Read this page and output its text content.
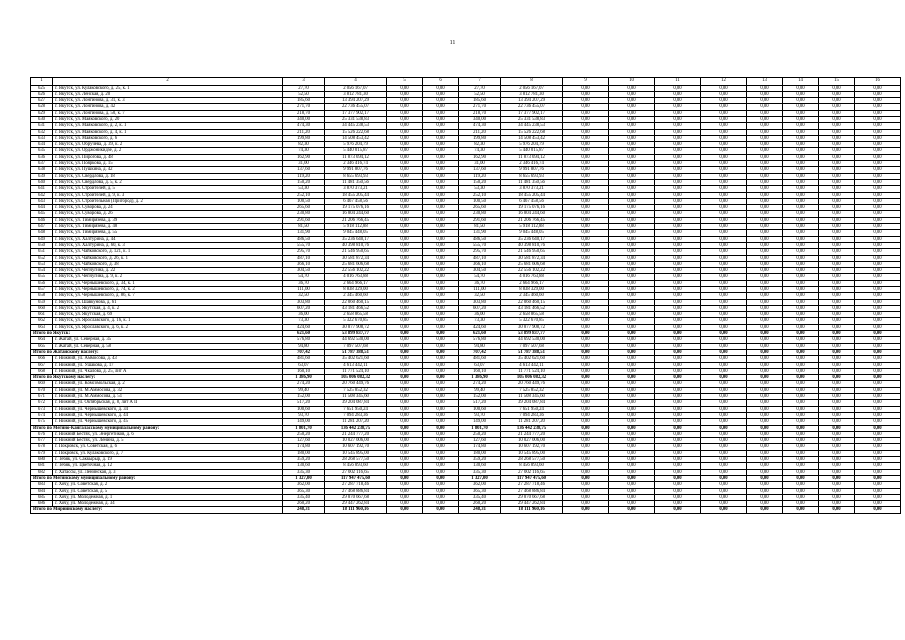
11
1	2	3	4	5	6	7	8	9	10	11	12	13	14	15	16
625	г. Якутск, ул. Кулаковского, д. 25, к. 1	27,70	2 056 167,07	0,00	0,00	27,70	2 056 167,07	0,00	0,00	0,00	0,00	0,00	0,00	0,00	0,00
626	г. Якутск, ул. Ленская, д. 20	52,50	3 812 781,30	0,00	0,00	52,50	3 812 781,30	0,00	0,00	0,00	0,00	0,00	0,00	0,00	0,00
627	г. Якутск, ул. Лонгинова, д. 31, к. 3	185,60	13 394 207,29	0,00	0,00	185,60	13 394 207,29	0,00	0,00	0,00	0,00	0,00	0,00	0,00	0,00
628	г. Якутск, ул. Лонгинова, д. 42	271,70	22 736 455,07	0,00	0,00	271,70	22 736 455,07	0,00	0,00	0,00	0,00	0,00	0,00	0,00	0,00
629	г. Якутск, ул. Лонгинова, д. 50, к. 7	218,70	17 377 902,17	0,00	0,00	218,70	17 377 902,17	0,00	0,00	0,00	0,00	0,00	0,00	0,00	0,00
630	г. Якутск, ул. Маяковского, д. 20	340,00	25 331 538,83	0,00	0,00	340,00	25 331 538,83	0,00	0,00	0,00	0,00	0,00	0,00	0,00	0,00
631	г. Якутск, ул. Маяковского, д. 2, к. 1	474,30	34 445 238,53	0,00	0,00	474,30	34 445 238,53	0,00	0,00	0,00	0,00	0,00	0,00	0,00	0,00
632	г. Якутск, ул. Маяковского, д. 4, к. 1	211,20	15 526 222,68	0,00	0,00	211,20	15 526 222,68	0,00	0,00	0,00	0,00	0,00	0,00	0,00	0,00
633	г. Якутск, ул. Маяковского, д. 6	199,80	14 508 453,42	0,00	0,00	199,80	14 508 453,42	0,00	0,00	0,00	0,00	0,00	0,00	0,00	0,00
634	г. Якутск, ул. Обручева, д. 39, к. 2	82,30	5 976 204,79	0,00	0,00	82,30	5 976 204,79	0,00	0,00	0,00	0,00	0,00	0,00	0,00	0,00
635	г. Якутск, ул. Орджоникидзе, д. 2	74,30	5 440 015,87	0,00	0,00	74,30	5 440 015,87	0,00	0,00	0,00	0,00	0,00	0,00	0,00	0,00
636	г. Якутск, ул. Пирогова, д. 48	162,90	11 873 694,12	0,00	0,00	162,90	11 873 694,12	0,00	0,00	0,00	0,00	0,00	0,00	0,00	0,00
637	г. Якутск, ул. Пояркова, д. 15	31,00	2 346 416,74	0,00	0,00	31,00	2 346 416,74	0,00	0,00	0,00	0,00	0,00	0,00	0,00	0,00
638	г. Якутск, ул. Пушкина, д. 42	137,60	9 991 807,76	0,00	0,00	137,60	9 991 807,76	0,00	0,00	0,00	0,00	0,00	0,00	0,00	0,00
639	г. Якутск, ул. Свердлова, д. 18	119,20	8 655 693,93	0,00	0,00	119,20	8 655 693,93	0,00	0,00	0,00	0,00	0,00	0,00	0,00	0,00
640	г. Якутск, ул. Свердлова, д. 5, к. 2	150,20	11 481 350,56	0,00	0,00	150,20	11 481 350,56	0,00	0,00	0,00	0,00	0,00	0,00	0,00	0,00
641	г. Якутск, ул. Строителей, д. 5	53,30	3 870 373,21	0,00	0,00	53,30	3 870 373,21	0,00	0,00	0,00	0,00	0,00	0,00	0,00	0,00
642	г. Якутск, ул. Строителей, д. 9, к. 3	252,10	18 455 205,44	0,00	0,00	252,10	18 455 205,44	0,00	0,00	0,00	0,00	0,00	0,00	0,00	0,00
643	г. Якутск, ул. Строительная (Пригород), д. 2	100,50	6 467 458,56	0,00	0,00	100,50	6 467 458,56	0,00	0,00	0,00	0,00	0,00	0,00	0,00	0,00
644	г. Якутск, ул. Суворова, д. 24	265,60	19 175 076,16	0,00	0,00	265,60	19 175 076,16	0,00	0,00	0,00	0,00	0,00	0,00	0,00	0,00
645	г. Якутск, ул. Суворова, д. 26	230,80	16 804 244,60	0,00	0,00	230,80	16 804 244,60	0,00	0,00	0,00	0,00	0,00	0,00	0,00	0,00
646	г. Якутск, ул. Тимирязева, д. 39	291,60	21 206 766,45	0,00	0,00	291,60	21 206 766,45	0,00	0,00	0,00	0,00	0,00	0,00	0,00	0,00
647	г. Якутск, ул. Тимирязева, д. 48	81,50	5 918 112,88	0,00	0,00	81,50	5 918 112,88	0,00	0,00	0,00	0,00	0,00	0,00	0,00	0,00
648	г. Якутск, ул. Тимирязева, д. 55	131,90	9 045 448,05	0,00	0,00	131,90	9 045 448,05	0,00	0,00	0,00	0,00	0,00	0,00	0,00	0,00
649	г. Якутск, ул. Халтурина, д. 44	486,50	35 236 640,17	0,00	0,00	486,50	35 236 640,17	0,00	0,00	0,00	0,00	0,00	0,00	0,00	0,00
650	г. Якутск, ул. Халтурина, д. 60, к. 3	555,70	40 398 810,76	0,00	0,00	555,70	40 398 810,76	0,00	0,00	0,00	0,00	0,00	0,00	0,00	0,00
651	г. Якутск, ул. Чайковского, д. 121, к. 1	295,70	21 546 950,65	0,00	0,00	295,70	21 546 950,65	0,00	0,00	0,00	0,00	0,00	0,00	0,00	0,00
652	г. Якутск, ул. Чайковского, д. 26, к. 1	487,10	30 581 872,34	0,00	0,00	487,10	30 581 872,34	0,00	0,00	0,00	0,00	0,00	0,00	0,00	0,00
653	г. Якутск, ул. Чайковского, д. 38	366,10	25 681 606,68	0,00	0,00	366,10	25 681 606,68	0,00	0,00	0,00	0,00	0,00	0,00	0,00	0,00
654	г. Якутск, ул. Чепчугина, д. 22	304,50	22 556 102,22	0,00	0,00	304,50	22 556 102,22	0,00	0,00	0,00	0,00	0,00	0,00	0,00	0,00
655	г. Якутск, ул. Чепчугина, д. 9, к. 2	54,70	4 016 763,88	0,00	0,00	54,70	4 016 763,88	0,00	0,00	0,00	0,00	0,00	0,00	0,00	0,00
656	г. Якутск, ул. Чернышевского, д. 34, к. 1	36,70	2 664 966,17	0,00	0,00	36,70	2 664 966,17	0,00	0,00	0,00	0,00	0,00	0,00	0,00	0,00
657	г. Якутск, ул. Чернышевского, д. 74, к. 2	111,00	8 838 329,00	0,00	0,00	111,00	8 838 329,00	0,00	0,00	0,00	0,00	0,00	0,00	0,00	0,00
658	г. Якутск, ул. Чернышевского, д. 86, к. 7	32,50	2 345 460,60	0,00	0,00	32,50	2 345 460,60	0,00	0,00	0,00	0,00	0,00	0,00	0,00	0,00
659	г. Якутск, ул. Шавкунова, д. 61	303,80	22 060 460,15	0,00	0,00	303,80	22 060 460,15	0,00	0,00	0,00	0,00	0,00	0,00	0,00	0,00
660	г. Якутск, ул. Якутская, д. 4, к. 2	607,20	43 181 466,52	0,00	0,00	607,20	43 181 466,52	0,00	0,00	0,00	0,00	0,00	0,00	0,00	0,00
661	г. Якутск, ул. Якутская, д. 69	36,00	2 658 865,58	0,00	0,00	36,00	2 658 865,58	0,00	0,00	0,00	0,00	0,00	0,00	0,00	0,00
662	г. Якутск, ул. Ярославского, д. 16, к. 1	73,30	5 322 670,85	0,00	0,00	73,30	5 322 670,85	0,00	0,00	0,00	0,00	0,00	0,00	0,00	0,00
663	г. Якутск, ул. Ярославского, д. 6, к. 2	424,60	30 877 908,72	0,00	0,00	424,60	30 877 908,72	0,00	0,00	0,00	0,00	0,00	0,00	0,00	0,00
Итого по Якутск:		621,60	53 899 837,77	0,00	0,00	621,60	53 899 837,77	0,00	0,00	0,00	0,00	0,00	0,00	0,00	0,00
664	г. Жатай, ул. Северная, д. 35	576,80	44 692 530,00	0,00	0,00	576,80	44 692 530,00	0,00	0,00	0,00	0,00	0,00	0,00	0,00	0,00
665	г. Жатай, ул. Северная, д. 58	94,80	7 097 507,68	0,00	0,00	94,80	7 097 507,68	0,00	0,00	0,00	0,00	0,00	0,00	0,00	0,00
Итого по Жатайскому наслегу:		707,42	51 787 388,51	0,00	0,00	707,42	51 787 388,51	0,00	0,00	0,00	0,00	0,00	0,00	0,00	0,00
666	г. Нижний, ул. Аммосова, д. 43	481,60	35 402 621,60	0,00	0,00	481,60	35 402 621,60	0,00	0,00	0,00	0,00	0,00	0,00	0,00	0,00
667	г. Нижний, ул. Ушакова, д. 17	63,07	4 613 442,11	0,00	0,00	63,07	4 613 442,11	0,00	0,00	0,00	0,00	0,00	0,00	0,00	0,00
668	г. Нижний, ул. Чкалова, д. 25, лит А	160,10	11 771 524,10	0,00	0,00	160,10	11 771 524,10	0,00	0,00	0,00	0,00	0,00	0,00	0,00	0,00
Итого по Якутскому наслегу:		1 386,90	105 006 082,32	0,00	0,00	1 386,90	105 006 082,32	0,00	0,00	0,00	0,00	0,00	0,00	0,00	0,00
669	г. Нижний, ул. Комсомольская, д. 2	274,20	20 760 449,76	0,00	0,00	274,20	20 760 449,76	0,00	0,00	0,00	0,00	0,00	0,00	0,00	0,00
670	г. Нижний, ул. М.Аммосова, д. 32	99,40	7 525 852,32	0,00	0,00	99,40	7 525 852,32	0,00	0,00	0,00	0,00	0,00	0,00	0,00	0,00
671	г. Нижний, ул. М.Аммосова, д. 51	152,00	11 508 345,60	0,00	0,00	152,00	11 508 345,60	0,00	0,00	0,00	0,00	0,00	0,00	0,00	0,00
672	г. Нижний, ул. Октябрьская, д. 8, лит А II	517,20	39 204 087,84	0,00	0,00	517,20	39 204 087,84	0,00	0,00	0,00	0,00	0,00	0,00	0,00	0,00
673	г. Нижний, ул. Чернышевского, д. 34	100,60	7 651 950,24	0,00	0,00	100,60	7 651 950,24	0,00	0,00	0,00	0,00	0,00	0,00	0,00	0,00
674	г. Нижний, ул. Чернышевского, д. 44	93,70	7 094 283,36	0,00	0,00	93,70	7 094 283,36	0,00	0,00	0,00	0,00	0,00	0,00	0,00	0,00
675	г. Нижний, ул. Чернышевского, д. 45	149,00	11 281 207,20	0,00	0,00	149,00	11 281 207,20	0,00	0,00	0,00	0,00	0,00	0,00	0,00	0,00
Итого по Мегино-Кангаласскому муниципальному району:		1 801,70	136 442 238,75	0,00	0,00	1 801,70	136 442 238,75	0,00	0,00	0,00	0,00	0,00	0,00	0,00	0,00
676	г. Нижний Бестях, ул. Энергетиков, д. 6	250,20	21 244 777,20	0,00	0,00	250,20	21 244 777,20	0,00	0,00	0,00	0,00	0,00	0,00	0,00	0,00
677	г. Нижний Бестях, ул. Ленина, д. 5	127,60	10 027 006,00	0,00	0,00	127,60	10 027 006,00	0,00	0,00	0,00	0,00	0,00	0,00	0,00	0,00
678	г. Покровск, ул. Советская, д. 6	174,80	10 607 192,70	0,00	0,00	174,80	10 607 192,70	0,00	0,00	0,00	0,00	0,00	0,00	0,00	0,00
679	г. Покровск, ул. Кулаковского, д. 7	180,00	10 545 895,00	0,00	0,00	180,00	10 545 895,00	0,00	0,00	0,00	0,00	0,00	0,00	0,00	0,00
680	г. Тебяк, ул. Саккырыр, д. 19	359,20	28 268 577,50	0,00	0,00	359,20	28 268 577,50	0,00	0,00	0,00	0,00	0,00	0,00	0,00	0,00
681	г. Тебяк, ул. Цветочная, д. 12	130,60	8 456 893,60	0,00	0,00	130,60	8 456 893,60	0,00	0,00	0,00	0,00	0,00	0,00	0,00	0,00
682	г. Хатассы, ул. Ленинская, д. 3	335,30	27 002 116,65	0,00	0,00	335,30	27 002 116,65	0,00	0,00	0,00	0,00	0,00	0,00	0,00	0,00
Итого по Мегинскому муниципальному району:		1 327,00	117 947 475,60	0,00	0,00	1 327,00	117 947 475,60	0,00	0,00	0,00	0,00	0,00	0,00	0,00	0,00
683	г. Хочу, ул. Советская, д. 2	362,00	27 287 718,46	0,00	0,00	362,00	27 287 718,46	0,00	0,00	0,00	0,00	0,00	0,00	0,00	0,00
684	г. Хочу, ул. Советская, д. 5	365,30	27 468 886,84	0,00	0,00	365,30	27 468 886,84	0,00	0,00	0,00	0,00	0,00	0,00	0,00	0,00
685	г. Хочу, ул. Молодежная, д. 1	335,40	29 870 667,68	0,00	0,00	335,40	29 870 667,68	0,00	0,00	0,00	0,00	0,00	0,00	0,00	0,00
686	г. Хочу, ул. Молодежная, д. 34	260,20	29 447 262,84	0,00	0,00	260,20	29 447 262,84	0,00	0,00	0,00	0,00	0,00	0,00	0,00	0,00
Итого по Мирнинскому наслегу:		248,31	18 111 960,16	0,00	0,00	248,31	18 111 960,16	0,00	0,00	0,00	0,00	0,00	0,00	0,00	0,00
